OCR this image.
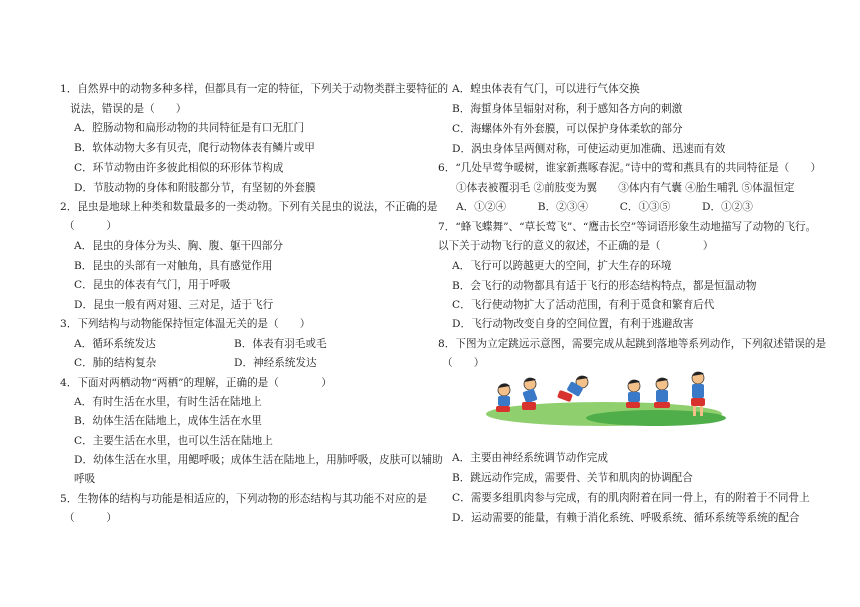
1．自然界中的动物多种多样，但都具有一定的特征，下列关于动物类群主要特征的
说法，错误的是（　　）
A．腔肠动物和扁形动物的共同特征是有口无肛门
B．软体动物大多有贝壳，爬行动物体表有鳞片或甲
C．环节动物由许多彼此相似的环形体节构成
D．节肢动物的身体和附肢都分节，有坚韧的外套膜
2．昆虫是地球上种类和数量最多的一类动物。下列有关昆虫的说法，不正确的是
（　　　）
A．昆虫的身体分为头、胸、腹、躯干四部分
B．昆虫的头部有一对触角，具有感觉作用
C．昆虫的体表有气门，用于呼吸
D．昆虫一般有两对翅、三对足，适于飞行
3．下列结构与动物能保持恒定体温无关的是（　　）
A．循环系统发达	B．体表有羽毛或毛
C．肺的结构复杂	D．神经系统发达
4．下面对两栖动物“两栖”的理解，正确的是（　　　　）
A．有时生活在水里，有时生活在陆地上
B．幼体生活在陆地上，成体生活在水里
C．主要生活在水里，也可以生活在陆地上
D．幼体生活在水里，用鳃呼吸；成体生活在陆地上，用肺呼吸，皮肤可以辅助
呼吸
5．生物体的结构与功能是相适应的，下列动物的形态结构与其功能不对应的是
（　　　）
A．蝗虫体表有气门，可以进行气体交换
B．海蜇身体呈辐射对称，利于感知各方向的刺激
C．海螺体外有外套膜，可以保护身体柔软的部分
D．涡虫身体呈两侧对称，可使运动更加准确、迅速而有效
6．“几处早莺争暖树，谁家新燕啄春泥。”诗中的莺和燕具有的共同特征是（　　）
①体表被覆羽毛 ②前肢变为翼　　③体内有气囊 ④胎生哺乳 ⑤体温恒定
A．①②④　　　B．②③④　　　C．①③⑤　　　D．①②③
7．“蜂飞蝶舞”、“草长莺飞”、“鹰击长空”等词语形象生动地描写了动物的飞行。
以下关于动物飞行的意义的叙述，不正确的是（　　　　）
A．飞行可以跨越更大的空间，扩大生存的环境
B．会飞行的动物都具有适于飞行的形态结构特点，都是恒温动物
C．飞行使动物扩大了活动范围，有利于觅食和繁育后代
D．飞行动物改变自身的空间位置，有利于逃避敌害
8．下图为立定跳远示意图，需要完成从起跳到落地等系列动作，下列叙述错误的是
（　　）
A．主要由神经系统调节动作完成
B．跳远动作完成，需要骨、关节和肌肉的协调配合
C．需要多组肌肉参与完成，有的肌肉附着在同一骨上，有的附着于不同骨上
D．运动需要的能量，有赖于消化系统、呼吸系统、循环系统等系统的配合
